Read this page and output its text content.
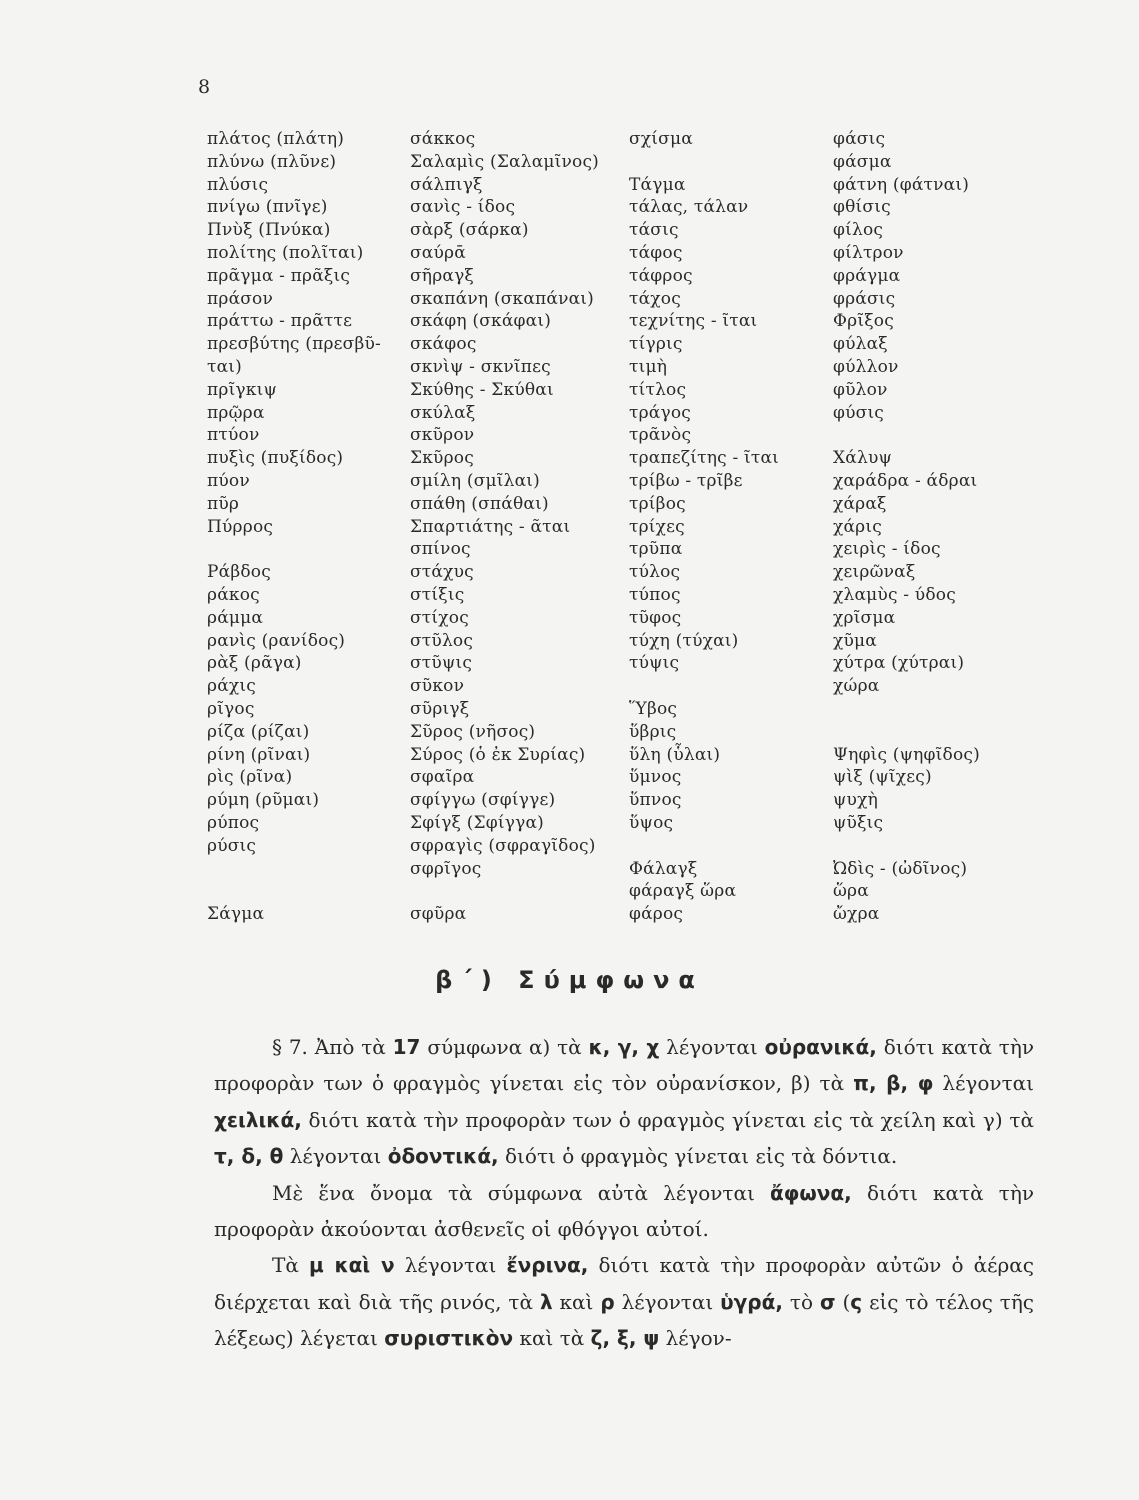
8
πλάτος (πλάτη)
πλύνω (πλῦνε)
πλύσις
πνίγω (πνῖγε)
Πνὺξ (Πνύκα)
πολίτης (πολῖται)
πρᾶγμα - πρᾶξις
πράσον
πράττω - πρᾶττε
πρεσβύτης (πρεσβῦ-
ται)
πρῖγκιψ
πρῷρα
πτύον
πυξὶς (πυξίδος)
πύον
πῦρ
Πύρρος
Ράβδος
ράκος
ράμμα
ρανὶς (ρανίδος)
ρὰξ (ρᾶγα)
ράχις
ρῖγος
ρίζα (ρίζαι)
ρίνη (ρῖναι)
ρὶς (ρῖνα)
ρύμη (ρῦμαι)
ρύπος
ρύσις
Σάγμα
σάκκος
Σαλαμὶς (Σαλαμῖνος)
σάλπιγξ
σανὶς - ίδος
σὰρξ (σάρκα)
σαύρᾱ
σῆραγξ
σκαπάνη (σκαπάναι)
σκάφη (σκάφαι)
σκάφος
σκνὶψ - σκνῖπες
Σκύθης - Σκύθαι
σκύλαξ
σκῦρον
Σκῦρος
σμίλη (σμῖλαι)
σπάθη (σπάθαι)
Σπαρτιάτης - ᾶται
σπίνος
στάχυς
στίξις
στίχος
στῦλος
στῦψις
σῦκον
σῦριγξ
Σῦρος (νῆσος)
Σύρος (ὁ ἐκ Συρίας)
σφαῖρα
σφίγγω (σφίγγε)
Σφίγξ (Σφίγγα)
σφραγὶς (σφραγῖδος)
σφρῖγος
σφῦρα
σχίσμα
Τάγμα
τάλας, τάλαν
τάσις
τάφος
τάφρος
τάχος
τεχνίτης - ῖται
τίγρις
τιμὴ
τίτλος
τράγος
τρᾶνὸς
τραπεζίτης - ῖται
τρίβω - τρῖβε
τρίβος
τρίχες
τρῦπα
τύλος
τύπος
τῦφος
τύχη (τύχαι)
τύψις
Ὕβος
ὕβρις
ὕλη (ὗλαι)
ὕμνος
ὕπνος
ὕψος
Φάλαγξ
φάραγξ ὥρα
φάρος
φάσις
φάσμα
φάτνη (φάτναι)
φθίσις
φίλος
φίλτρον
φράγμα
φράσις
Φρῖξος
φύλαξ
φύλλον
φῦλον
φύσις
Χάλυψ
χαράδρα - άδραι
χάραξ
χάρις
χειρὶς - ίδος
χειρῶναξ
χλαμὺς - ύδος
χρῖσμα
χῦμα
χύτρα (χύτραι)
χώρα
Ψηφὶς (ψηφῖδος)
ψὶξ (ψῖχες)
ψυχὴ
ψῦξις
Ὠδὶς - (ὠδῖνος)
ὥρα
ὤχρα
β΄) Σύμφωνα

§ 7. Ἀπὸ τὰ 17 σύμφωνα α) τὰ κ, γ, χ λέγονται οὐρανικά, διότι κατὰ τὴν προφορὰν των ὁ φραγμὸς γίνεται εἰς τὸν οὐρανίσκον, β) τὰ π, β, φ λέγονται χειλικά, διότι κατὰ τὴν προφορὰν των ὁ φραγμὸς γίνεται εἰς τὰ χείλη καὶ γ) τὰ τ, δ, θ λέγονται ὀδοντικά, διότι ὁ φραγμὸς γίνεται εἰς τὰ δόντια.

Μὲ ἕνα ὄνομα τὰ σύμφωνα αὐτὰ λέγονται ἄφωνα, διότι κατὰ τὴν προφορὰν ἀκούονται ἀσθενεῖς οἱ φθόγγοι αὐτοί.

Τὰ μ καὶ ν λέγονται ἔνρινα, διότι κατὰ τὴν προφορὰν αὐτῶν ὁ ἀέρας διέρχεται καὶ διὰ τῆς ρινός, τὰ λ καὶ ρ λέγονται ὑγρά, τὸ σ (ς εἰς τὸ τέλος τῆς λέξεως) λέγεται συριστικὸν καὶ τὰ ζ, ξ, ψ λέγον-
